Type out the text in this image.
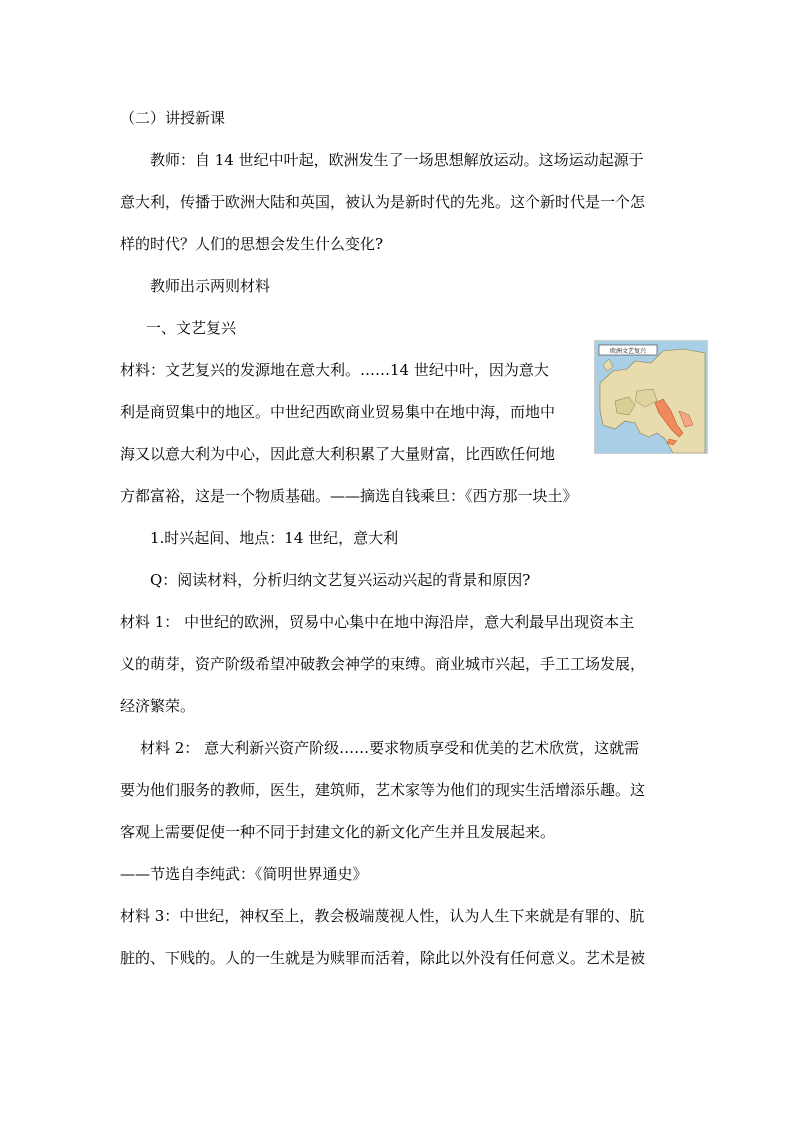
（二）讲授新课
教师：自 14 世纪中叶起，欧洲发生了一场思想解放运动。这场运动起源于
意大利，传播于欧洲大陆和英国，被认为是新时代的先兆。这个新时代是一个怎
样的时代？人们的思想会发生什么变化?
教师出示两则材料
一、文艺复兴
材料：文艺复兴的发源地在意大利。……14 世纪中叶，因为意大
利是商贸集中的地区。中世纪西欧商业贸易集中在地中海，而地中
海又以意大利为中心，因此意大利积累了大量财富，比西欧任何地
方都富裕，这是一个物质基础。——摘选自钱乘旦：《西方那一块土》
1.时兴起间、地点：14 世纪，意大利
Q：阅读材料，分析归纳文艺复兴运动兴起的背景和原因?
材料 1： 中世纪的欧洲，贸易中心集中在地中海沿岸，意大利最早出现资本主
义的萌芽，资产阶级希望冲破教会神学的束缚。商业城市兴起，手工工场发展，
经济繁荣。
材料 2： 意大利新兴资产阶级……要求物质享受和优美的艺术欣赏，这就需
要为他们服务的教师，医生，建筑师，艺术家等为他们的现实生活增添乐趣。这
客观上需要促使一种不同于封建文化的新文化产生并且发展起来。
——节选自李纯武：《简明世界通史》
材料 3：中世纪，神权至上，教会极端蔑视人性，认为人生下来就是有罪的、肮
脏的、下贱的。人的一生就是为赎罪而活着，除此以外没有任何意义。艺术是被
欧洲文艺复兴
